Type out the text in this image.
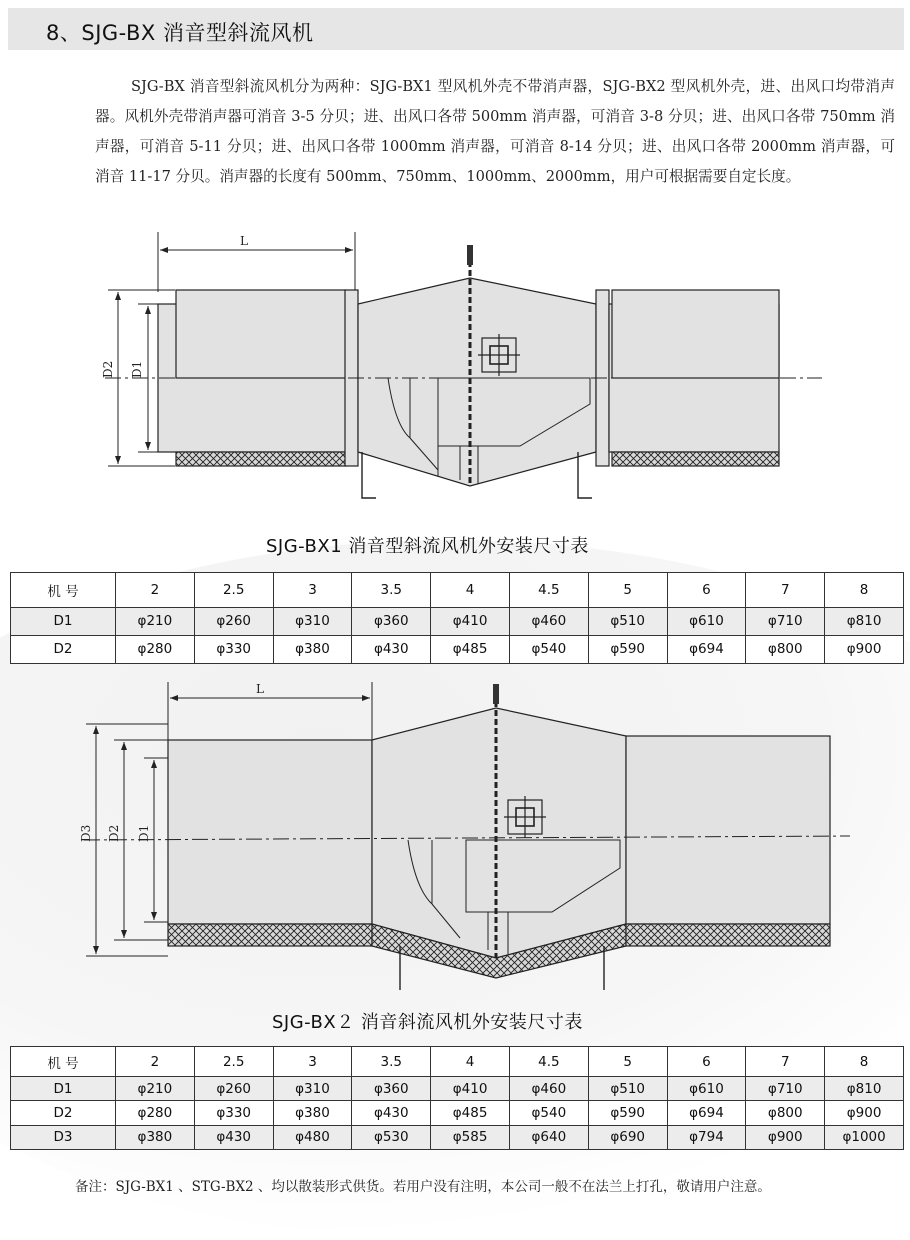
8、SJG-BX 消音型斜流风机
SJG-BX 消音型斜流风机分为两种：SJG-BX1 型风机外壳不带消声器，SJG-BX2 型风机外壳，进、出风口均带消声器。风机外壳带消声器可消音 3-5 分贝；进、出风口各带 500mm 消声器，可消音 3-8 分贝；进、出风口各带 750mm 消声器，可消音 5-11 分贝；进、出风口各带 1000mm 消声器，可消音 8-14 分贝；进、出风口各带 2000mm 消声器，可消音 11-17 分贝。消声器的长度有 500mm、750mm、1000mm、2000mm，用户可根据需要自定长度。
L
D2 D1
SJG-BX1 消音型斜流风机外安装尺寸表
机 号	2	2.5	3	3.5	4	4.5	5	6	7	8
D1	φ210	φ260	φ310	φ360	φ410	φ460	φ510	φ610	φ710	φ810
D2	φ280	φ330	φ380	φ430	φ485	φ540	φ590	φ694	φ800	φ900
L
D3 D2 D1
SJG-BX２ 消音斜流风机外安装尺寸表
机 号	2	2.5	3	3.5	4	4.5	5	6	7	8
D1	φ210	φ260	φ310	φ360	φ410	φ460	φ510	φ610	φ710	φ810
D2	φ280	φ330	φ380	φ430	φ485	φ540	φ590	φ694	φ800	φ900
D3	φ380	φ430	φ480	φ530	φ585	φ640	φ690	φ794	φ900	φ1000
备注：SJG-BX1 、STG-BX2 、均以散装形式供货。若用户没有注明，本公司一般不在法兰上打孔，敬请用户注意。
